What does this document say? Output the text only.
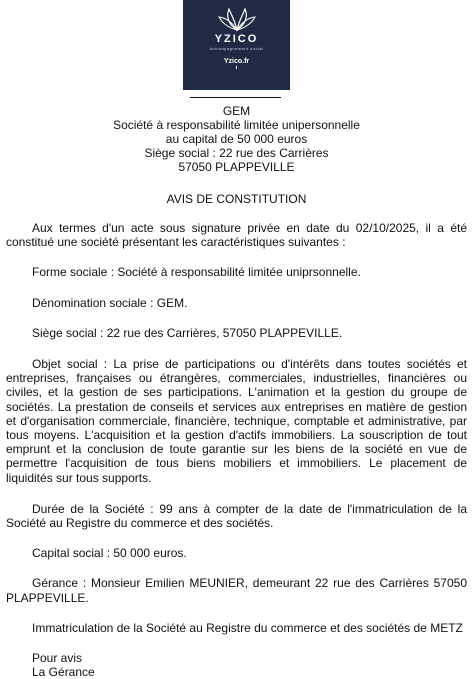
YZICO
Accompagnement social
Yzico.fr
GEM
Société à responsabilité limitée unipersonnelle
au capital de 50 000 euros
Siège social : 22 rue des Carrières
57050 PLAPPEVILLE
AVIS DE CONSTITUTION

Aux termes d'un acte sous signature privée en date du 02/10/2025, il a été constitué une société présentant les caractéristiques suivantes :

Forme sociale : Société à responsabilité limitée uniprsonnelle.

Dénomination sociale : GEM.

Siège social : 22 rue des Carrières, 57050 PLAPPEVILLE.

Objet social : La prise de participations ou d'intérêts dans toutes sociétés et entreprises, françaises ou étrangères, commerciales, industrielles, financières ou civiles, et la gestion de ses participations. L'animation et la gestion du groupe de sociétés. La prestation de conseils et services aux entreprises en matière de gestion et d'organisation commerciale, financière, technique, comptable et administrative, par tous moyens. L'acquisition et la gestion d'actifs immobiliers. La souscription de tout emprunt et la conclusion de toute garantie sur les biens de la société en vue de permettre l'acquisition de tous biens mobiliers et immobiliers. Le placement de liquidités sur tous supports.

Durée de la Société : 99 ans à compter de la date de l'immatriculation de la Société au Registre du commerce et des sociétés.

Capital social : 50 000 euros.

Gérance : Monsieur Emilien MEUNIER, demeurant 22 rue des Carrières 57050 PLAPPEVILLE.

Immatriculation de la Société au Registre du commerce et des sociétés de METZ

Pour avis

La Gérance
